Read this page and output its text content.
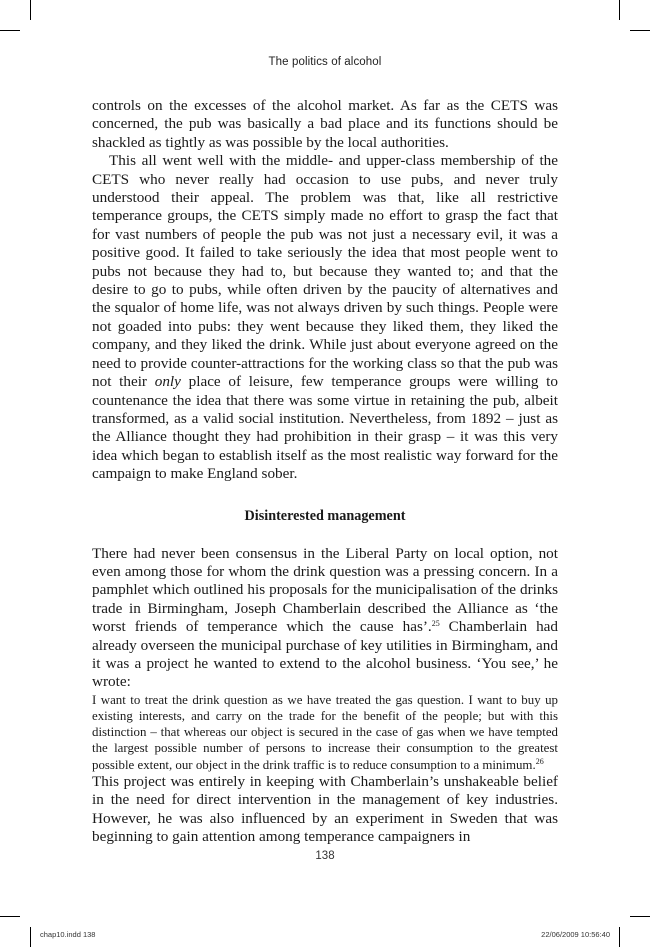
The politics of alcohol

controls on the excesses of the alcohol market. As far as the CETS was concerned, the pub was basically a bad place and its functions should be shackled as tightly as was possible by the local authorities.

This all went well with the middle- and upper-class membership of the CETS who never really had occasion to use pubs, and never truly understood their appeal. The problem was that, like all restrictive temperance groups, the CETS simply made no effort to grasp the fact that for vast numbers of people the pub was not just a necessary evil, it was a positive good. It failed to take seriously the idea that most people went to pubs not because they had to, but because they wanted to; and that the desire to go to pubs, while often driven by the paucity of alternatives and the squalor of home life, was not always driven by such things. People were not goaded into pubs: they went because they liked them, they liked the company, and they liked the drink. While just about everyone agreed on the need to provide counter-attractions for the working class so that the pub was not their only place of leisure, few temperance groups were willing to countenance the idea that there was some virtue in retaining the pub, albeit transformed, as a valid social institution. Nevertheless, from 1892 – just as the Alliance thought they had prohibition in their grasp – it was this very idea which began to establish itself as the most realistic way forward for the campaign to make England sober.

Disinterested management

There had never been consensus in the Liberal Party on local option, not even among those for whom the drink question was a pressing concern. In a pamphlet which outlined his proposals for the municipalisation of the drinks trade in Birmingham, Joseph Chamberlain described the Alliance as ‘the worst friends of temperance which the cause has’.$^{25}$ Chamberlain had already overseen the municipal purchase of key utilities in Birmingham, and it was a project he wanted to extend to the alcohol business. ‘You see,’ he wrote:

I want to treat the drink question as we have treated the gas question. I want to buy up existing interests, and carry on the trade for the benefit of the people; but with this distinction – that whereas our object is secured in the case of gas when we have tempted the largest possible number of persons to increase their consumption to the greatest possible extent, our object in the drink traffic is to reduce consumption to a minimum.$^{26}$

This project was entirely in keeping with Chamberlain’s unshakeable belief in the need for direct intervention in the management of key industries. However, he was also influenced by an experiment in Sweden that was beginning to gain attention among temperance campaigners in

138
chap10.indd 138	22/06/2009 10:56:40
